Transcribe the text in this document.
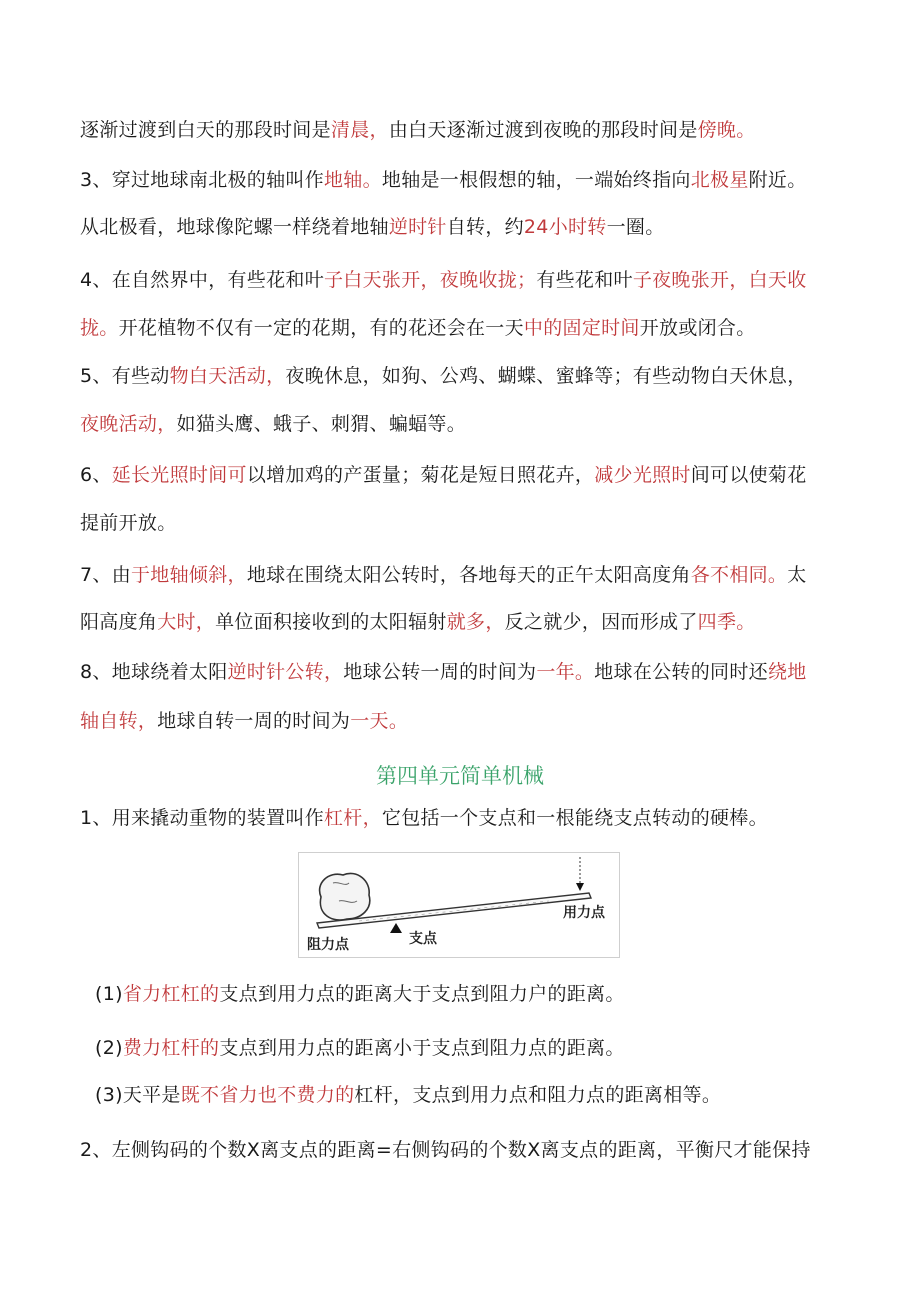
逐渐过渡到白天的那段时间是清晨，由白天逐渐过渡到夜晚的那段时间是傍晚。
3、穿过地球南北极的轴叫作地轴。地轴是一根假想的轴，一端始终指向北极星附近。
从北极看，地球像陀螺一样绕着地轴逆时针自转，约24小时转一圈。
4、在自然界中，有些花和叶子白天张开，夜晚收拢；有些花和叶子夜晚张开，白天收
拢。开花植物不仅有一定的花期，有的花还会在一天中的固定时间开放或闭合。
5、有些动物白天活动，夜晚休息，如狗、公鸡、蝴蝶、蜜蜂等；有些动物白天休息，
夜晚活动，如猫头鹰、蛾子、刺猬、蝙蝠等。
6、延长光照时间可以增加鸡的产蛋量；菊花是短日照花卉，减少光照时间可以使菊花
提前开放。
7、由于地轴倾斜，地球在围绕太阳公转时，各地每天的正午太阳高度角各不相同。太
阳高度角大时，单位面积接收到的太阳辐射就多，反之就少，因而形成了四季。
8、地球绕着太阳逆时针公转，地球公转一周的时间为一年。地球在公转的同时还绕地
轴自转，地球自转一周的时间为一天。
第四单元简单机械
1、用来撬动重物的装置叫作杠杆，它包括一个支点和一根能绕支点转动的硬棒。
阻力点	支点
用力点
(1)省力杠杠的支点到用力点的距离大于支点到阻力户的距离。
(2)费力杠杆的支点到用力点的距离小于支点到阻力点的距离。
(3)天平是既不省力也不费力的杠杆，支点到用力点和阻力点的距离相等。
2、左侧钩码的个数X离支点的距离=右侧钩码的个数X离支点的距离，平衡尺才能保持
